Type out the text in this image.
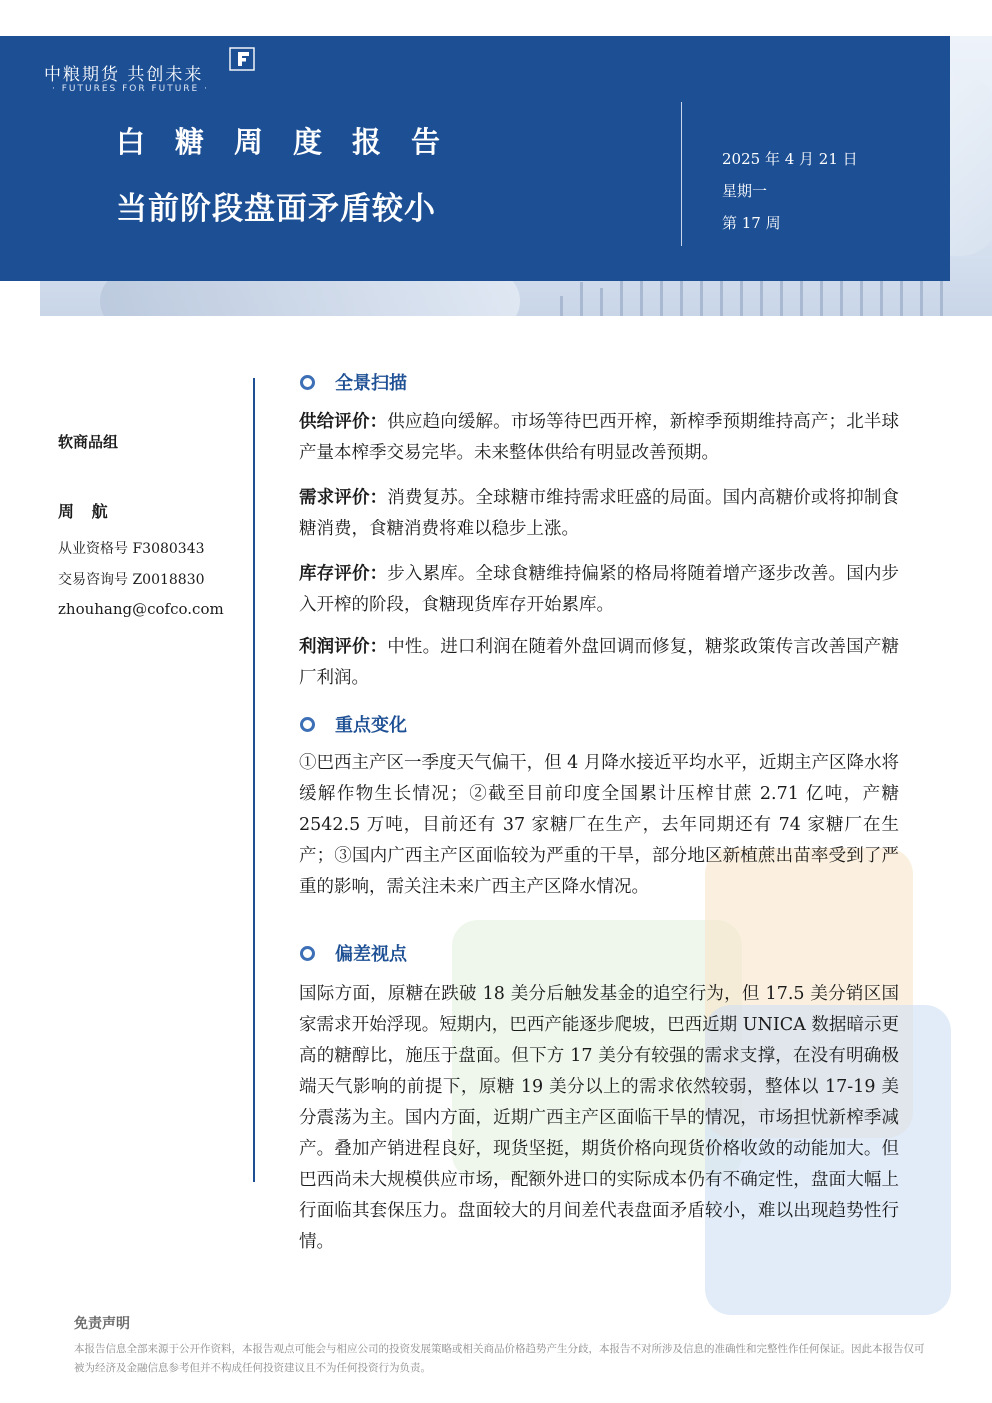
中粮期货 共创未来
· FUTURES FOR FUTURE ·
白糖周度报告
当前阶段盘面矛盾较小
2025 年 4 月 21 日
星期一
第 17 周
软商品组
周 航
从业资格号 F3080343
交易咨询号 Z0018830
zhouhang@cofco.com
全景扫描
供给评价：供应趋向缓解。市场等待巴西开榨，新榨季预期维持高产；北半球产量本榨季交易完毕。未来整体供给有明显改善预期。
需求评价：消费复苏。全球糖市维持需求旺盛的局面。国内高糖价或将抑制食糖消费，食糖消费将难以稳步上涨。
库存评价：步入累库。全球食糖维持偏紧的格局将随着增产逐步改善。国内步入开榨的阶段，食糖现货库存开始累库。
利润评价：中性。进口利润在随着外盘回调而修复，糖浆政策传言改善国产糖厂利润。
重点变化
①巴西主产区一季度天气偏干，但 4 月降水接近平均水平，近期主产区降水将缓解作物生长情况；②截至目前印度全国累计压榨甘蔗 2.71 亿吨，产糖 2542.5 万吨，目前还有 37 家糖厂在生产，去年同期还有 74 家糖厂在生产；③国内广西主产区面临较为严重的干旱，部分地区新植蔗出苗率受到了严重的影响，需关注未来广西主产区降水情况。
偏差视点
国际方面，原糖在跌破 18 美分后触发基金的追空行为，但 17.5 美分销区国家需求开始浮现。短期内，巴西产能逐步爬坡，巴西近期 UNICA 数据暗示更高的糖醇比，施压于盘面。但下方 17 美分有较强的需求支撑，在没有明确极端天气影响的前提下，原糖 19 美分以上的需求依然较弱，整体以 17-19 美分震荡为主。国内方面，近期广西主产区面临干旱的情况，市场担忧新榨季减产。叠加产销进程良好，现货坚挺，期货价格向现货价格收敛的动能加大。但巴西尚未大规模供应市场，配额外进口的实际成本仍有不确定性，盘面大幅上行面临其套保压力。盘面较大的月间差代表盘面矛盾较小，难以出现趋势性行情。
免责声明
本报告信息全部来源于公开作资料，本报告观点可能会与相应公司的投资发展策略或相关商品价格趋势产生分歧，本报告不对所涉及信息的准确性和完整性作任何保证。因此本报告仅可被为经济及金融信息参考但并不构成任何投资建议且不为任何投资行为负责。
